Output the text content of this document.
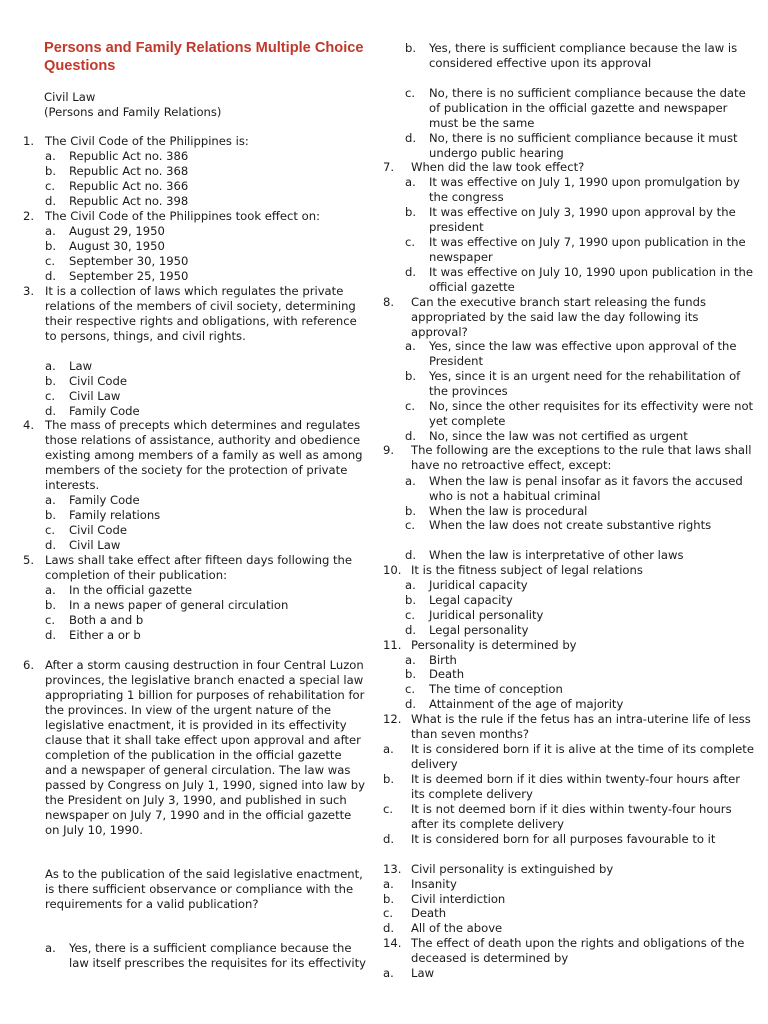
Persons and Family Relations Multiple Choice Questions
Civil Law
(Persons and Family Relations)
1. The Civil Code of the Philippines is:
a. Republic Act no. 386
b. Republic Act no. 368
c. Republic Act no. 366
d. Republic Act no. 398
2. The Civil Code of the Philippines took effect on:
a. August 29, 1950
b. August 30, 1950
c. September 30, 1950
d. September 25, 1950
3. It is a collection of laws which regulates the private relations of the members of civil society, determining their respective rights and obligations, with reference to persons, things, and civil rights.
a. Law
b. Civil Code
c. Civil Law
d. Family Code
4. The mass of precepts which determines and regulates those relations of assistance, authority and obedience existing among members of a family as well as among members of the society for the protection of private interests.
a. Family Code
b. Family relations
c. Civil Code
d. Civil Law
5. Laws shall take effect after fifteen days following the completion of their publication:
a. In the official gazette
b. In a news paper of general circulation
c. Both a and b
d. Either a or b
6. After a storm causing destruction in four Central Luzon provinces, the legislative branch enacted a special law appropriating 1 billion for purposes of rehabilitation for the provinces. In view of the urgent nature of the legislative enactment, it is provided in its effectivity clause that it shall take effect upon approval and after completion of the publication in the official gazette and a newspaper of general circulation. The law was passed by Congress on July 1, 1990, signed into law by the President on July 3, 1990, and published in such newspaper on July 7, 1990 and in the official gazette on July 10, 1990.
As to the publication of the said legislative enactment, is there sufficient observance or compliance with the requirements for a valid publication?
a. Yes, there is a sufficient compliance because the law itself prescribes the requisites for its effectivity
b. Yes, there is sufficient compliance because the law is considered effective upon its approval
c. No, there is no sufficient compliance because the date of publication in the official gazette and newspaper must be the same
d. No, there is no sufficient compliance because it must undergo public hearing
7. When did the law took effect?
a. It was effective on July 1, 1990 upon promulgation by the congress
b. It was effective on July 3, 1990 upon approval by the president
c. It was effective on July 7, 1990 upon publication in the newspaper
d. It was effective on July 10, 1990 upon publication in the official gazette
8. Can the executive branch start releasing the funds appropriated by the said law the day following its approval?
a. Yes, since the law was effective upon approval of the President
b. Yes, since it is an urgent need for the rehabilitation of the provinces
c. No, since the other requisites for its effectivity were not yet complete
d. No, since the law was not certified as urgent
9. The following are the exceptions to the rule that laws shall have no retroactive effect, except:
a. When the law is penal insofar as it favors the accused who is not a habitual criminal
b. When the law is procedural
c. When the law does not create substantive rights
d. When the law is interpretative of other laws
10. It is the fitness subject of legal relations
a. Juridical capacity
b. Legal capacity
c. Juridical personality
d. Legal personality
11. Personality is determined by
a. Birth
b. Death
c. The time of conception
d. Attainment of the age of majority
12. What is the rule if the fetus has an intra-uterine life of less than seven months?
a. It is considered born if it is alive at the time of its complete delivery
b. It is deemed born if it dies within twenty-four hours after its complete delivery
c. It is not deemed born if it dies within twenty-four hours after its complete delivery
d. It is considered born for all purposes favourable to it
13. Civil personality is extinguished by
a. Insanity
b. Civil interdiction
c. Death
d. All of the above
14. The effect of death upon the rights and obligations of the deceased is determined by
a. Law
